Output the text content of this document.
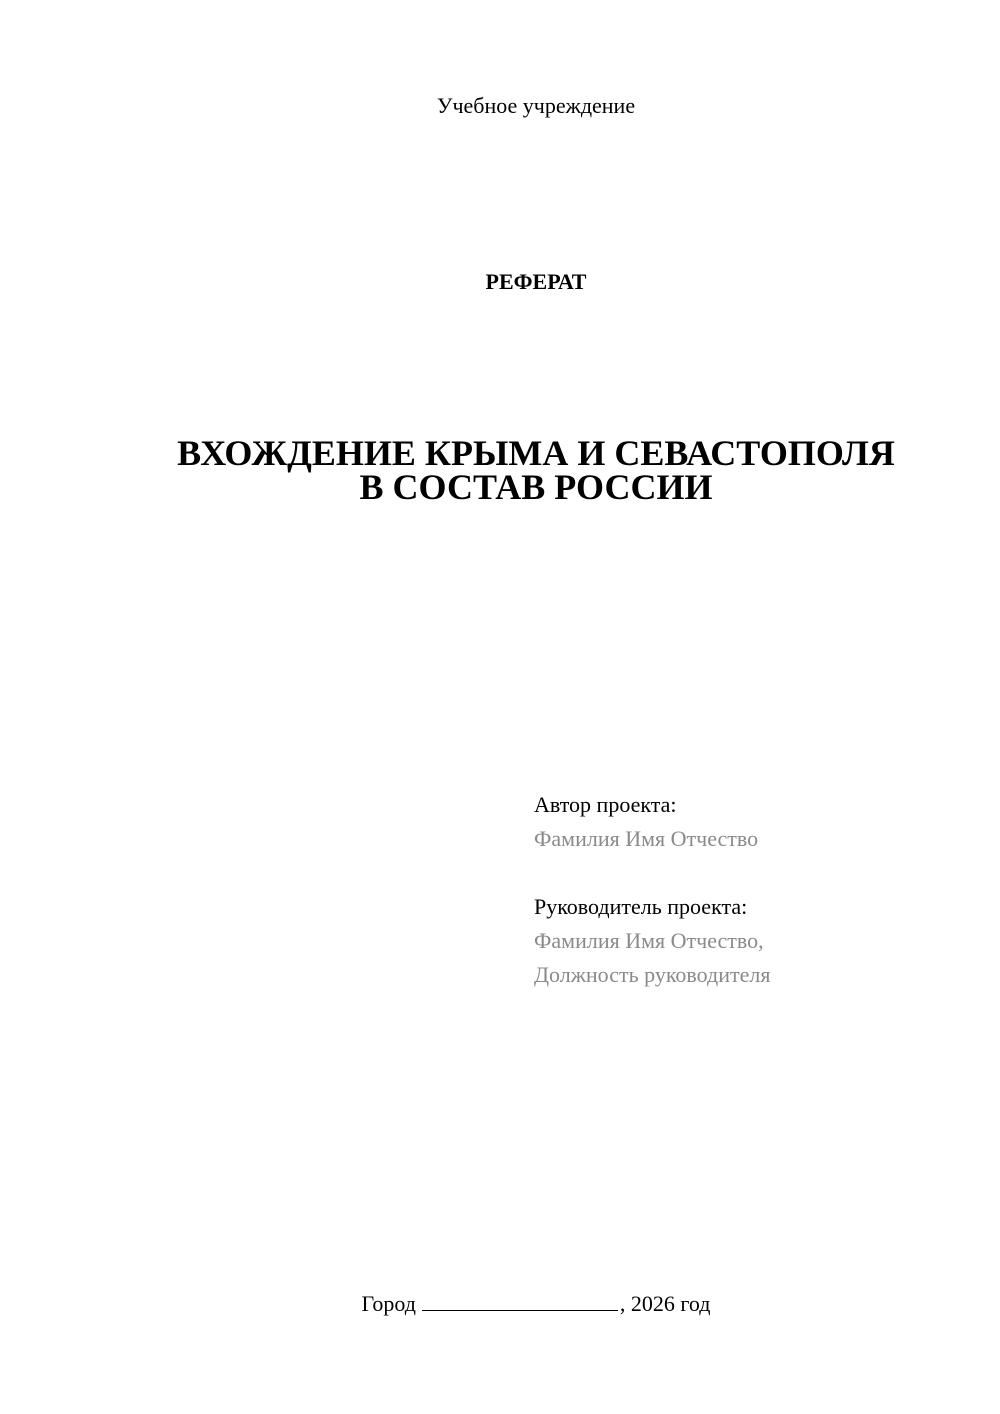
Учебное учреждение
РЕФЕРАТ
ВХОЖДЕНИЕ КРЫМА И СЕВАСТОПОЛЯ
В СОСТАВ РОССИИ
Автор проекта:
Фамилия Имя Отчество
Руководитель проекта:
Фамилия Имя Отчество,
Должность руководителя
Город	, 2026 год
